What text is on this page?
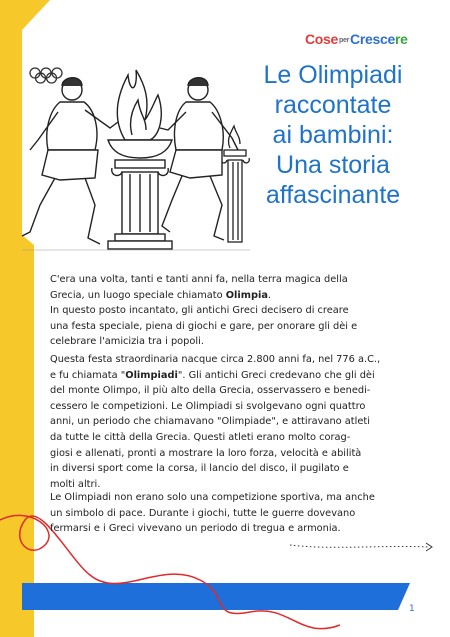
CoseperCrescere
Le Olimpiadi
raccontate
ai bambini:
Una storia
affascinante

C'era una volta, tanti e tanti anni fa, nella terra magica della

Grecia, un luogo speciale chiamato Olimpia.

In questo posto incantato, gli antichi Greci decisero di creare

una festa speciale, piena di giochi e gare, per onorare gli dèi e

celebrare l'amicizia tra i popoli.

Questa festa straordinaria nacque circa 2.800 anni fa, nel 776 a.C.,

e fu chiamata "Olimpiadi". Gli antichi Greci credevano che gli dèi

del monte Olimpo, il più alto della Grecia, osservassero e benedi-

cessero le competizioni. Le Olimpiadi si svolgevano ogni quattro

anni, un periodo che chiamavano "Olimpiade", e attiravano atleti

da tutte le città della Grecia. Questi atleti erano molto corag-

giosi e allenati, pronti a mostrare la loro forza, velocità e abilità

in diversi sport come la corsa, il lancio del disco, il pugilato e

molti altri.

Le Olimpiadi non erano solo una competizione sportiva, ma anche

un simbolo di pace. Durante i giochi, tutte le guerre dovevano

fermarsi e i Greci vivevano un periodo di tregua e armonia.

1
